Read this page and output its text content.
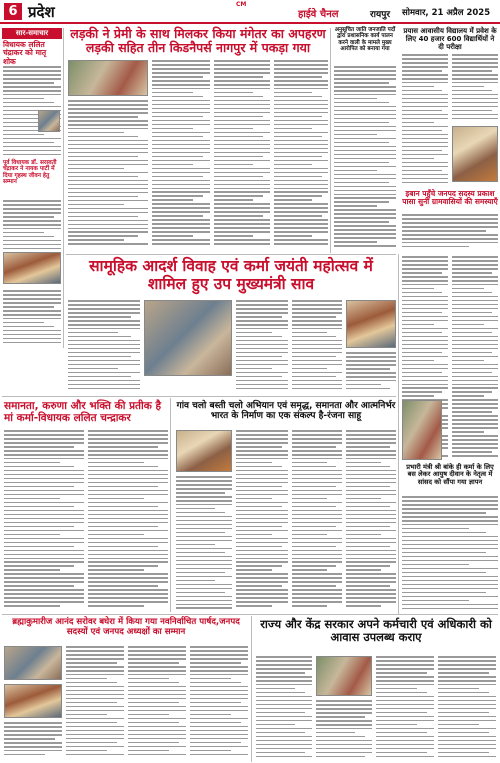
6 प्रदेश	CM
हाईवे चैनल	रायपुर सोमवार, 21 अप्रैल 2025
सार-समाचार
विधायक ललित चंद्राकर को मातृ शोक
पूर्व विधायक डॉ. सरस्वती चंद्राकर ने नायक पार्टी में दिया गृहस्थ जीवन हेतु सम्मान
लड़की ने प्रेमी के साथ मिलकर किया मंगेतर का अपहरण लड़की सहित तीन किडनैपर्स नागपुर में पकड़ा गया
अनुसूचित जाति जनजाति पदों द्वारा प्रशासनिक कार्य पालन करने वाली के मामले मुख्य आरोपित को बनाया गया
प्रयास आवासीय विद्यालय में प्रवेश के लिए 40 हजार 600 विद्यार्थियों ने दी परीक्षा
इबान पहुँचे जनपद सदस्य प्रकाश पासा सुनी ग्रामवासियों की समस्याएँ
सामूहिक आदर्श विवाह एवं कर्मा जयंती महोत्सव में शामिल हुए उप मुख्यमंत्री साव
प्रभारी मंत्री श्री बांके ही कर्मा के लिए बस लेकर आयुष दीवान के नेतृत्व में सांसद को सौंपा गया ज्ञापन
समानता, करुणा और भक्ति की प्रतीक है मां कर्मा-विधायक ललित चन्द्राकर
गांव चलो बस्ती चलो अभियान एवं समृद्ध, समानता और आत्मनिर्भर भारत के निर्माण का एक संकल्प है-रंजना साहू
ब्रह्माकुमारीज आनंद सरोवर बघेरा में किया गया नवनिर्वाचित पार्षद,जनपद सदस्यों एवं जनपद अध्यक्षों का सम्मान
राज्य और केंद्र सरकार अपने कर्मचारी एवं अधिकारी को आवास उपलब्ध कराए
